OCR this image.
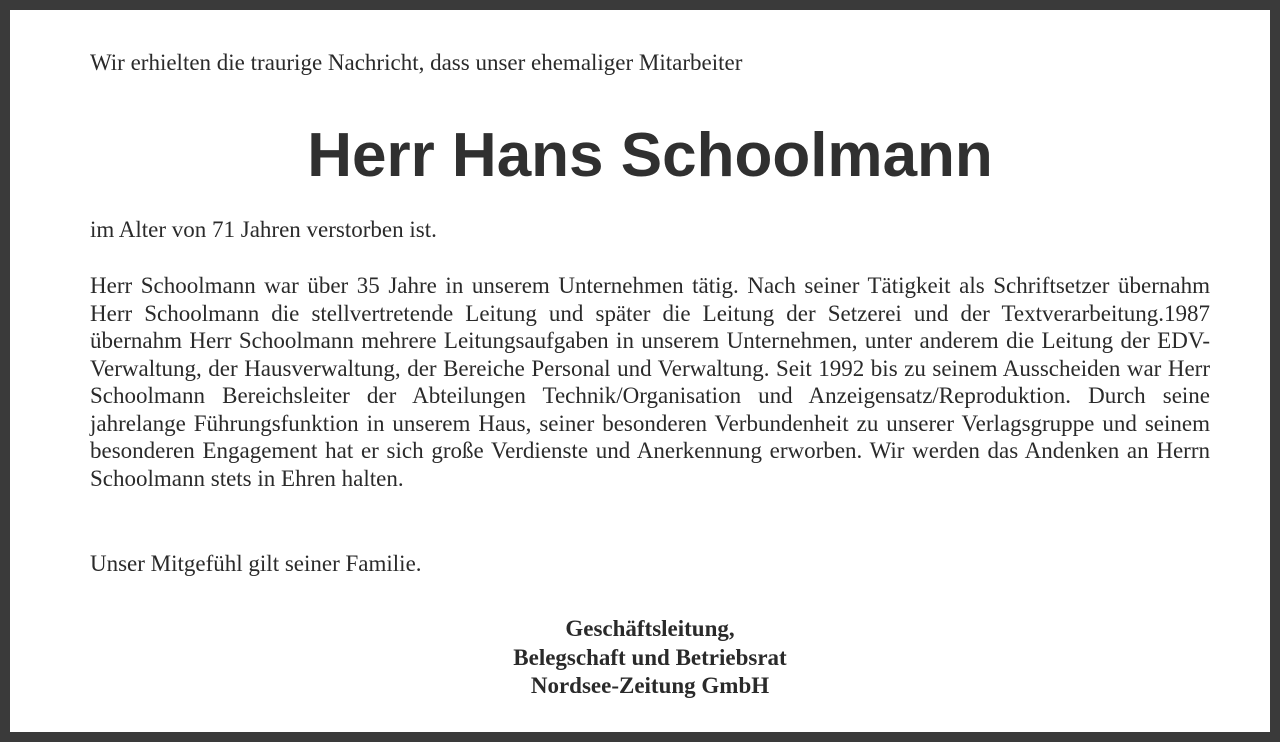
Wir erhielten die traurige Nachricht, dass unser ehemaliger Mitarbeiter

Herr Hans Schoolmann

im Alter von 71 Jahren verstorben ist.

Herr Schoolmann war über 35 Jahre in unserem Unternehmen tätig. Nach seiner Tätigkeit als Schriftsetzer übernahm Herr Schoolmann die stellvertretende Leitung und später die Leitung der Setzerei und der Textverarbeitung.1987 übernahm Herr Schoolmann mehrere Leitungsaufgaben in unserem Unternehmen, unter anderem die Leitung der EDV-Verwaltung, der Hausverwaltung, der Bereiche Personal und Verwaltung. Seit 1992 bis zu seinem Ausscheiden war Herr Schoolmann Bereichsleiter der Abteilungen Technik/Organisation und Anzeigensatz/Reproduktion. Durch seine jahrelange Führungsfunktion in unserem Haus, seiner besonderen Verbundenheit zu unserer Verlagsgruppe und seinem besonderen Engagement hat er sich große Verdienste und Anerkennung erworben. Wir werden das Andenken an Herrn Schoolmann stets in Ehren halten.

Unser Mitgefühl gilt seiner Familie.

Geschäftsleitung,
Belegschaft und Betriebsrat
Nordsee-Zeitung GmbH
